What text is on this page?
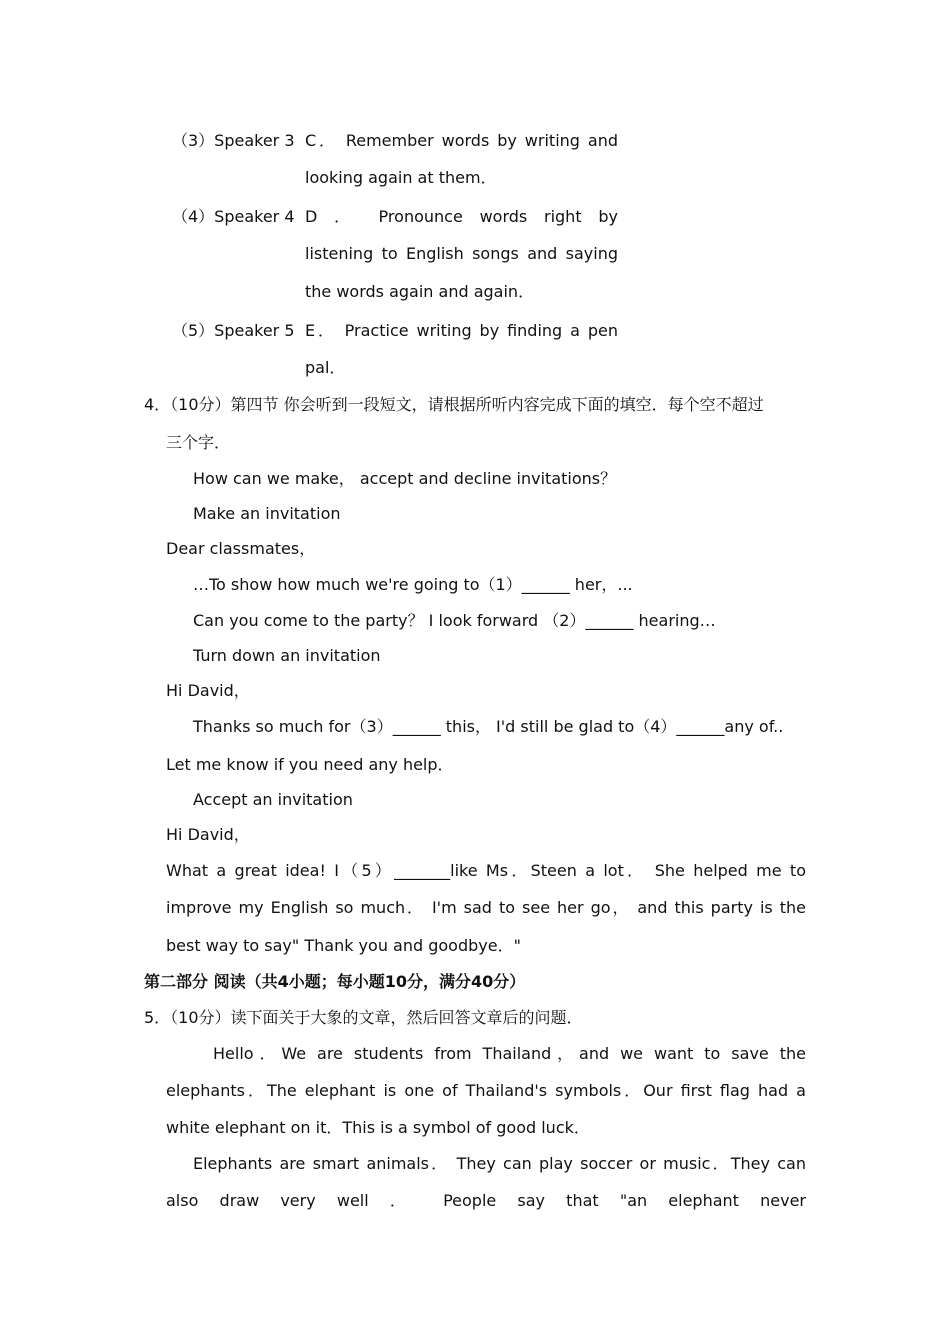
（3）Speaker 3 C． Remember words by writing and
looking again at them．
（4）Speaker 4 D ． Pronounce words right by
listening to English songs and saying
the words again and again．
（5）Speaker 5 E． Practice writing by finding a pen
pal．
4．（10分）第四节 你会听到一段短文，请根据所听内容完成下面的填空．每个空不超过
三个字．
How can we make， accept and decline invitations？
Make an invitation
Dear classmates，
…To show how much we're going to（1）______ her，...
Can you come to the party？ I look forward （2）______ hearing…
Turn down an invitation
Hi David，
Thanks so much for（3）______ this， I'd still be glad to（4）______any of..
Let me know if you need any help．
Accept an invitation
Hi David，
What a great idea! I（5）_______like Ms．Steen a lot． She helped me to
improve my English so much． I'm sad to see her go， and this party is the
best way to say" Thank you and goodbye．"
第二部分 阅读（共4小题；每小题10分，满分40分）
5．（10分）读下面关于大象的文章，然后回答文章后的问题．
Hello．We are students from Thailand，and we want to save the
elephants．The elephant is one of Thailand's symbols．Our first flag had a
white elephant on it．This is a symbol of good luck．
Elephants are smart animals． They can play soccer or music．They can
also draw very well ． People say that "an elephant never
